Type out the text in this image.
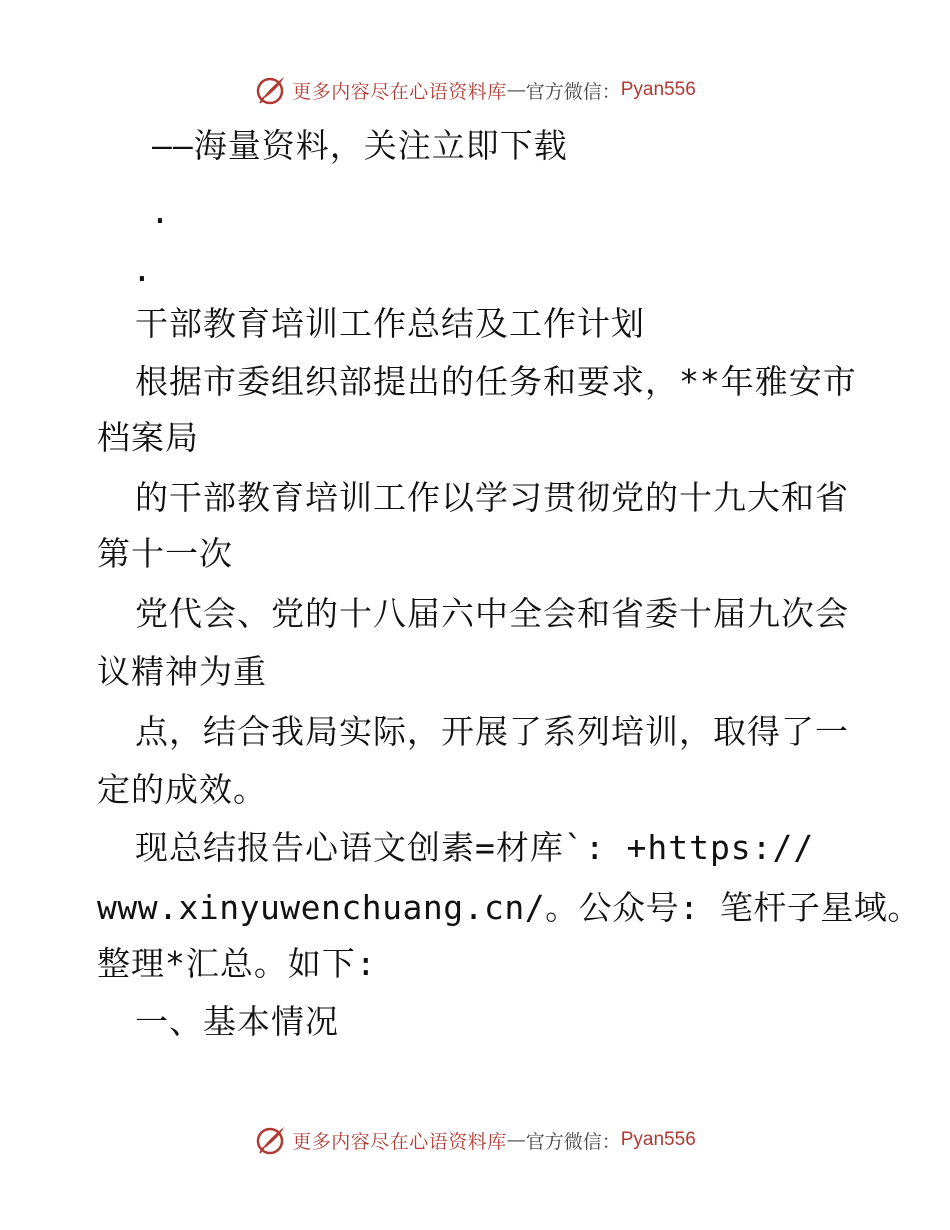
更多内容尽在心语资料库 — 官方微信： Pyan556
——海量资料，关注立即下载
.
.
干部教育培训工作总结及工作计划
根据市委组织部提出的任务和要求，**年雅安市
档案局
的干部教育培训工作以学习贯彻党的十九大和省
第十一次
党代会、党的十八届六中全会和省委十届九次会
议精神为重
点，结合我局实际，开展了系列培训，取得了一
定的成效。
现总结报告心语文创素=材库`: +https://
www.xinyuwenchuang.cn/。公众号: 笔杆子星域。
整理*汇总。如下:
一、基本情况
更多内容尽在心语资料库 — 官方微信： Pyan556
